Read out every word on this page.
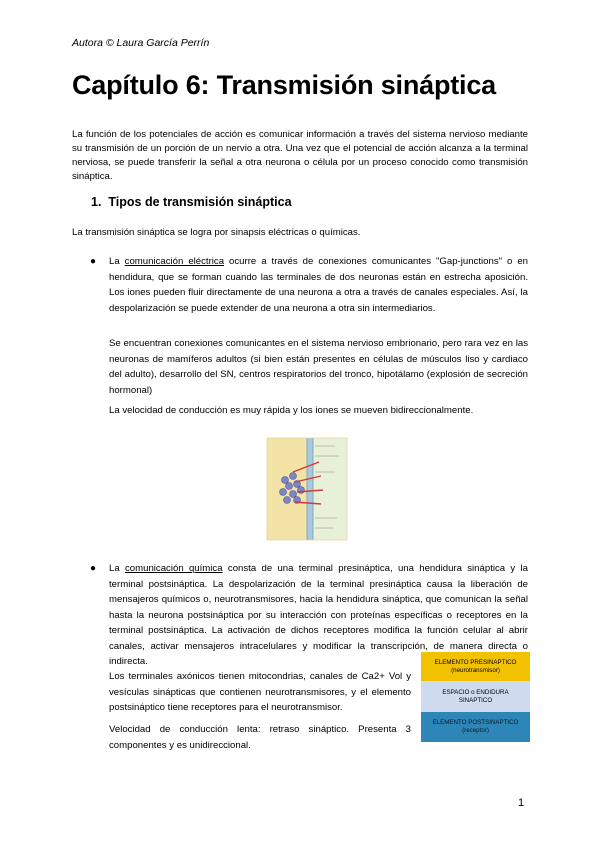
Autora © Laura García Perrín
Capítulo 6: Transmisión sináptica
La función de los potenciales de acción es comunicar información a través del sistema nervioso mediante su transmisión de un porción de un nervio a otra. Una vez que el potencial de acción alcanza a la terminal nerviosa, se puede transferir la señal a otra neurona o célula por un proceso conocido como transmisión sináptica.
1. Tipos de transmisión sináptica
La transmisión sináptica se logra por sinapsis eléctricas o químicas.
● La comunicación eléctrica ocurre a través de conexiones comunicantes "Gap-junctions" o en hendidura, que se forman cuando las terminales de dos neuronas están en estrecha aposición. Los iones pueden fluir directamente de una neurona a otra a través de canales especiales. Así, la despolarización se puede extender de una neurona a otra sin intermediarios.
Se encuentran conexiones comunicantes en el sistema nervioso embrionario, pero rara vez en las neuronas de mamíferos adultos (si bien están presentes en células de músculos liso y cardiaco del adulto), desarrollo del SN, centros respiratorios del tronco, hipotálamo (explosión de secreción hormonal)
La velocidad de conducción es muy rápida y los iones se mueven bidireccionalmente.
● La comunicación química consta de una terminal presináptica, una hendidura sináptica y la terminal postsináptica. La despolarización de la terminal presináptica causa la liberación de mensajeros químicos o, neurotransmisores, hacia la hendidura sináptica, que comunican la señal hasta la neurona postsináptica por su interacción con proteínas específicas o receptores en la terminal postsináptica. La activación de dichos receptores modifica la función celular al abrir canales, activar mensajeros intracelulares y modificar la transcripción, de manera directa o indirecta.
Los terminales axónicos tienen mitocondrias, canales de Ca2+ Vol y vesículas sinápticas que contienen neurotransmisores, y el elemento postsináptico tiene receptores para el neurotransmisor.
Velocidad de conducción lenta: retraso sináptico. Presenta 3 componentes y es unidireccional.
ELEMENTO PRESINAPTICO
(neurotransmisor)
ESPACIO o ENDIDURA
SINAPTICO
ELEMENTO POSTSINAPTICO
(receptor)
1
